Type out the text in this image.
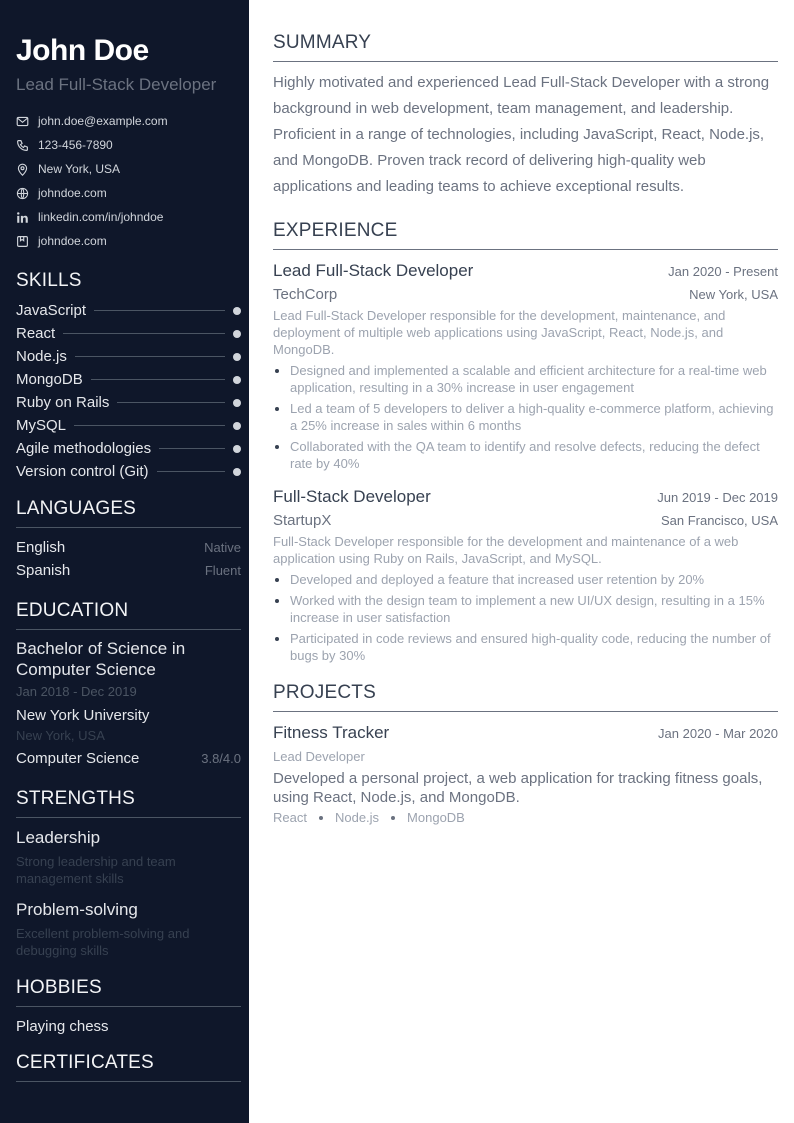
John Doe
Lead Full-Stack Developer
john.doe@example.com
123-456-7890
New York, USA
johndoe.com
linkedin.com/in/johndoe
johndoe.com
SKILLS
JavaScript
React
Node.js
MongoDB
Ruby on Rails
MySQL
Agile methodologies
Version control (Git)
LANGUAGES
English	Native
Spanish	Fluent
EDUCATION
Bachelor of Science in Computer Science
Jan 2018 - Dec 2019
New York University
New York, USA
Computer Science	3.8/4.0
STRENGTHS
Leadership
Strong leadership and team management skills
Problem-solving
Excellent problem-solving and debugging skills
HOBBIES
Playing chess
CERTIFICATES
SUMMARY
Highly motivated and experienced Lead Full-Stack Developer with a strong background in web development, team management, and leadership. Proficient in a range of technologies, including JavaScript, React, Node.js, and MongoDB. Proven track record of delivering high-quality web applications and leading teams to achieve exceptional results.
EXPERIENCE
Lead Full-Stack Developer	Jan 2020 - Present
TechCorp	New York, USA
Lead Full-Stack Developer responsible for the development, maintenance, and deployment of multiple web applications using JavaScript, React, Node.js, and MongoDB.
Designed and implemented a scalable and efficient architecture for a real-time web application, resulting in a 30% increase in user engagement
Led a team of 5 developers to deliver a high-quality e-commerce platform, achieving a 25% increase in sales within 6 months
Collaborated with the QA team to identify and resolve defects, reducing the defect rate by 40%
Full-Stack Developer	Jun 2019 - Dec 2019
StartupX	San Francisco, USA
Full-Stack Developer responsible for the development and maintenance of a web application using Ruby on Rails, JavaScript, and MySQL.
Developed and deployed a feature that increased user retention by 20%
Worked with the design team to implement a new UI/UX design, resulting in a 15% increase in user satisfaction
Participated in code reviews and ensured high-quality code, reducing the number of bugs by 30%
PROJECTS
Fitness Tracker	Jan 2020 - Mar 2020
Lead Developer
Developed a personal project, a web application for tracking fitness goals, using React, Node.js, and MongoDB.
React Node.js MongoDB
